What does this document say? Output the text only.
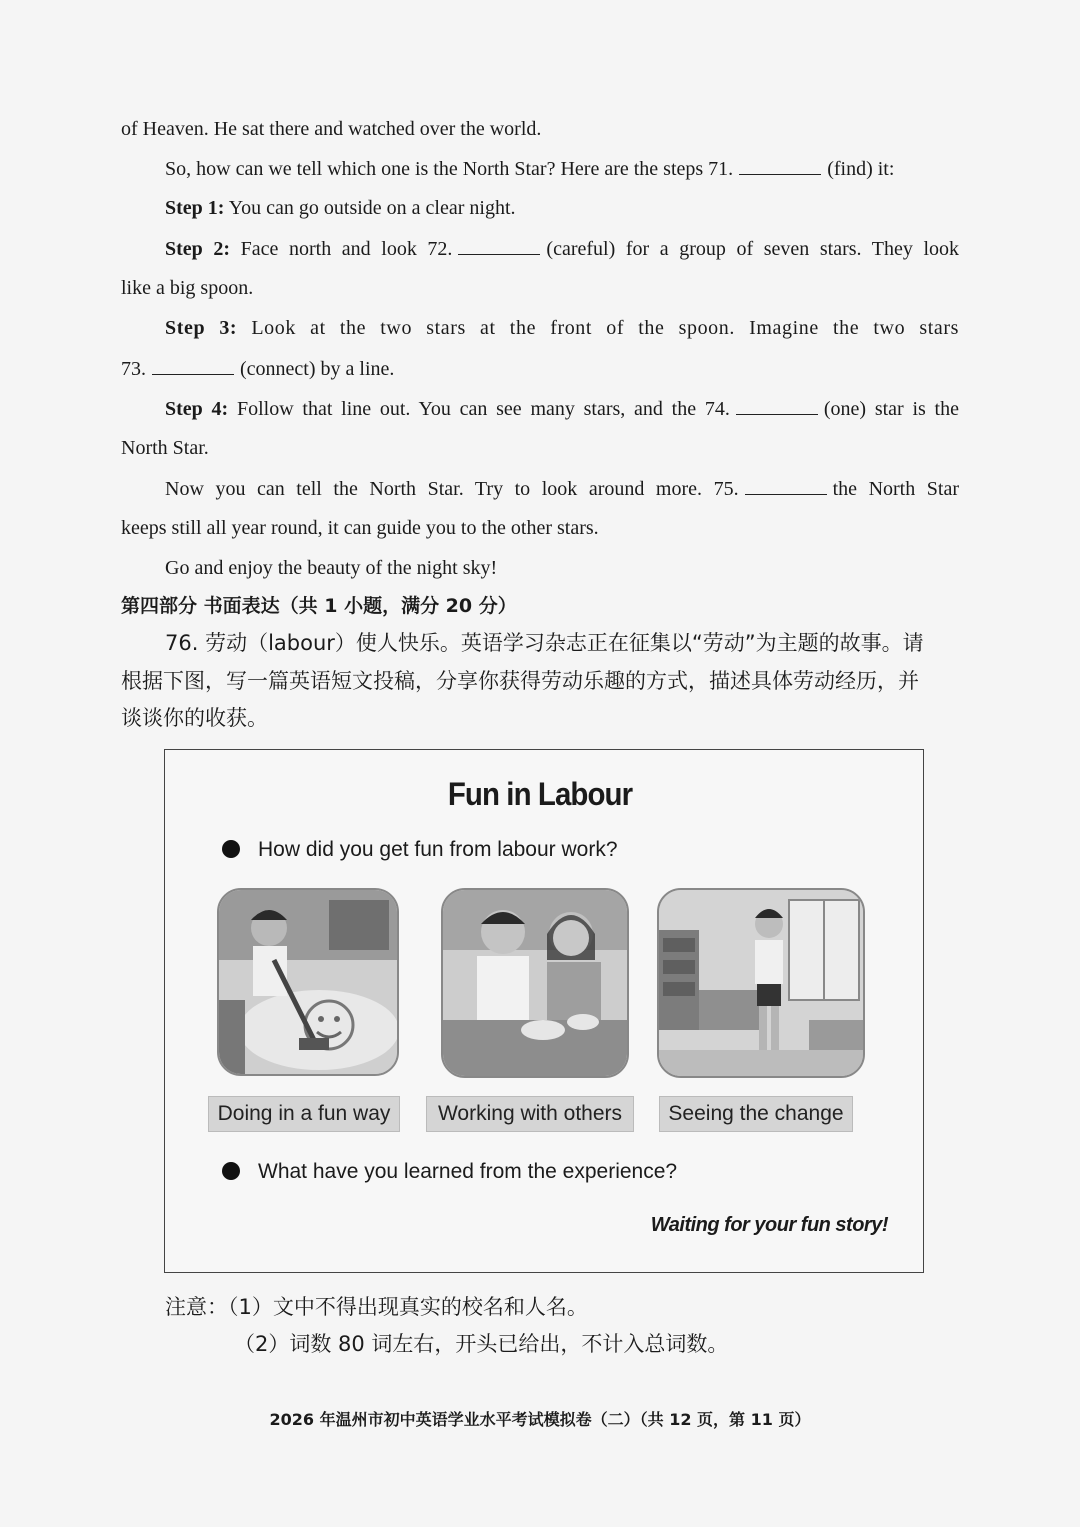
of Heaven. He sat there and watched over the world.
So, how can we tell which one is the North Star? Here are the steps 71.	(find) it:
Step 1: You can go outside on a clear night.
Step 2: Face north and look 72.	(careful) for a group of seven stars. They look
like a big spoon.
Step 3: Look at the two stars at the front of the spoon. Imagine the two stars
73.	(connect) by a line.
Step 4: Follow that line out. You can see many stars, and the 74.	(one) star is the
North Star.
Now you can tell the North Star. Try to look around more. 75.	the North Star
keeps still all year round, it can guide you to the other stars.
Go and enjoy the beauty of the night sky!
第四部分 书面表达（共 1 小题，满分 20 分）
76. 劳动（labour）使人快乐。英语学习杂志正在征集以“劳动”为主题的故事。请
根据下图，写一篇英语短文投稿，分享你获得劳动乐趣的方式，描述具体劳动经历，并
谈谈你的收获。
Fun in Labour
How did you get fun from labour work?
Doing in a fun way	Working with others	Seeing the change
What have you learned from the experience?
Waiting for your fun story!
注意：（1）文中不得出现真实的校名和人名。
（2）词数 80 词左右，开头已给出，不计入总词数。
2026 年温州市初中英语学业水平考试模拟卷（二）（共 12 页，第 11 页）
